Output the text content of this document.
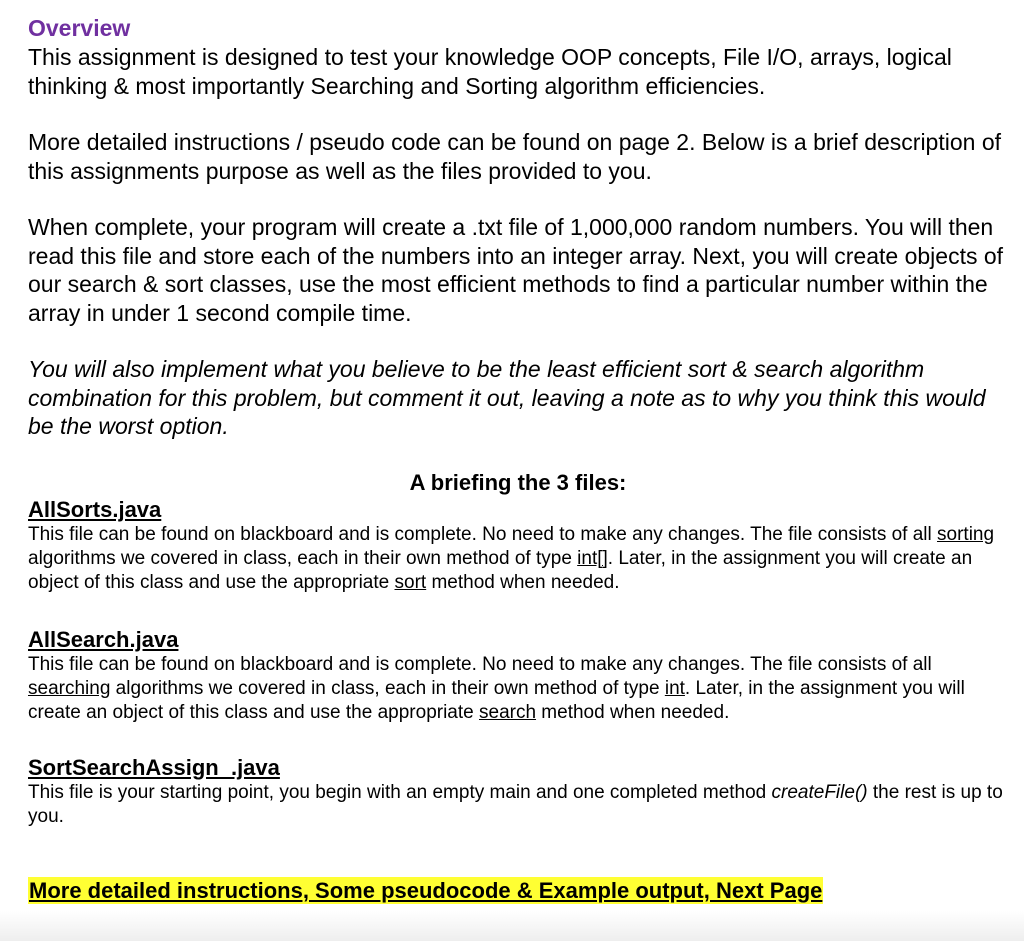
Overview

This assignment is designed to test your knowledge OOP concepts, File I/O, arrays, logical thinking & most importantly Searching and Sorting algorithm efficiencies.

More detailed instructions / pseudo code can be found on page 2. Below is a brief description of this assignments purpose as well as the files provided to you.

When complete, your program will create a .txt file of 1,000,000 random numbers. You will then read this file and store each of the numbers into an integer array. Next, you will create objects of our search & sort classes, use the most efficient methods to find a particular number within the array in under 1 second compile time.

You will also implement what you believe to be the least efficient sort & search algorithm combination for this problem, but comment it out, leaving a note as to why you think this would be the worst option.

A briefing the 3 files:

AllSorts.java

This file can be found on blackboard and is complete. No need to make any changes. The file consists of all sorting algorithms we covered in class, each in their own method of type int[]. Later, in the assignment you will create an object of this class and use the appropriate sort method when needed.

AllSearch.java

This file can be found on blackboard and is complete. No need to make any changes. The file consists of all searching algorithms we covered in class, each in their own method of type int. Later, in the assignment you will create an object of this class and use the appropriate search method when needed.

SortSearchAssign  .java

This file is your starting point, you begin with an empty main and one completed method createFile() the rest is up to you.

More detailed instructions, Some pseudocode & Example output, Next Page
